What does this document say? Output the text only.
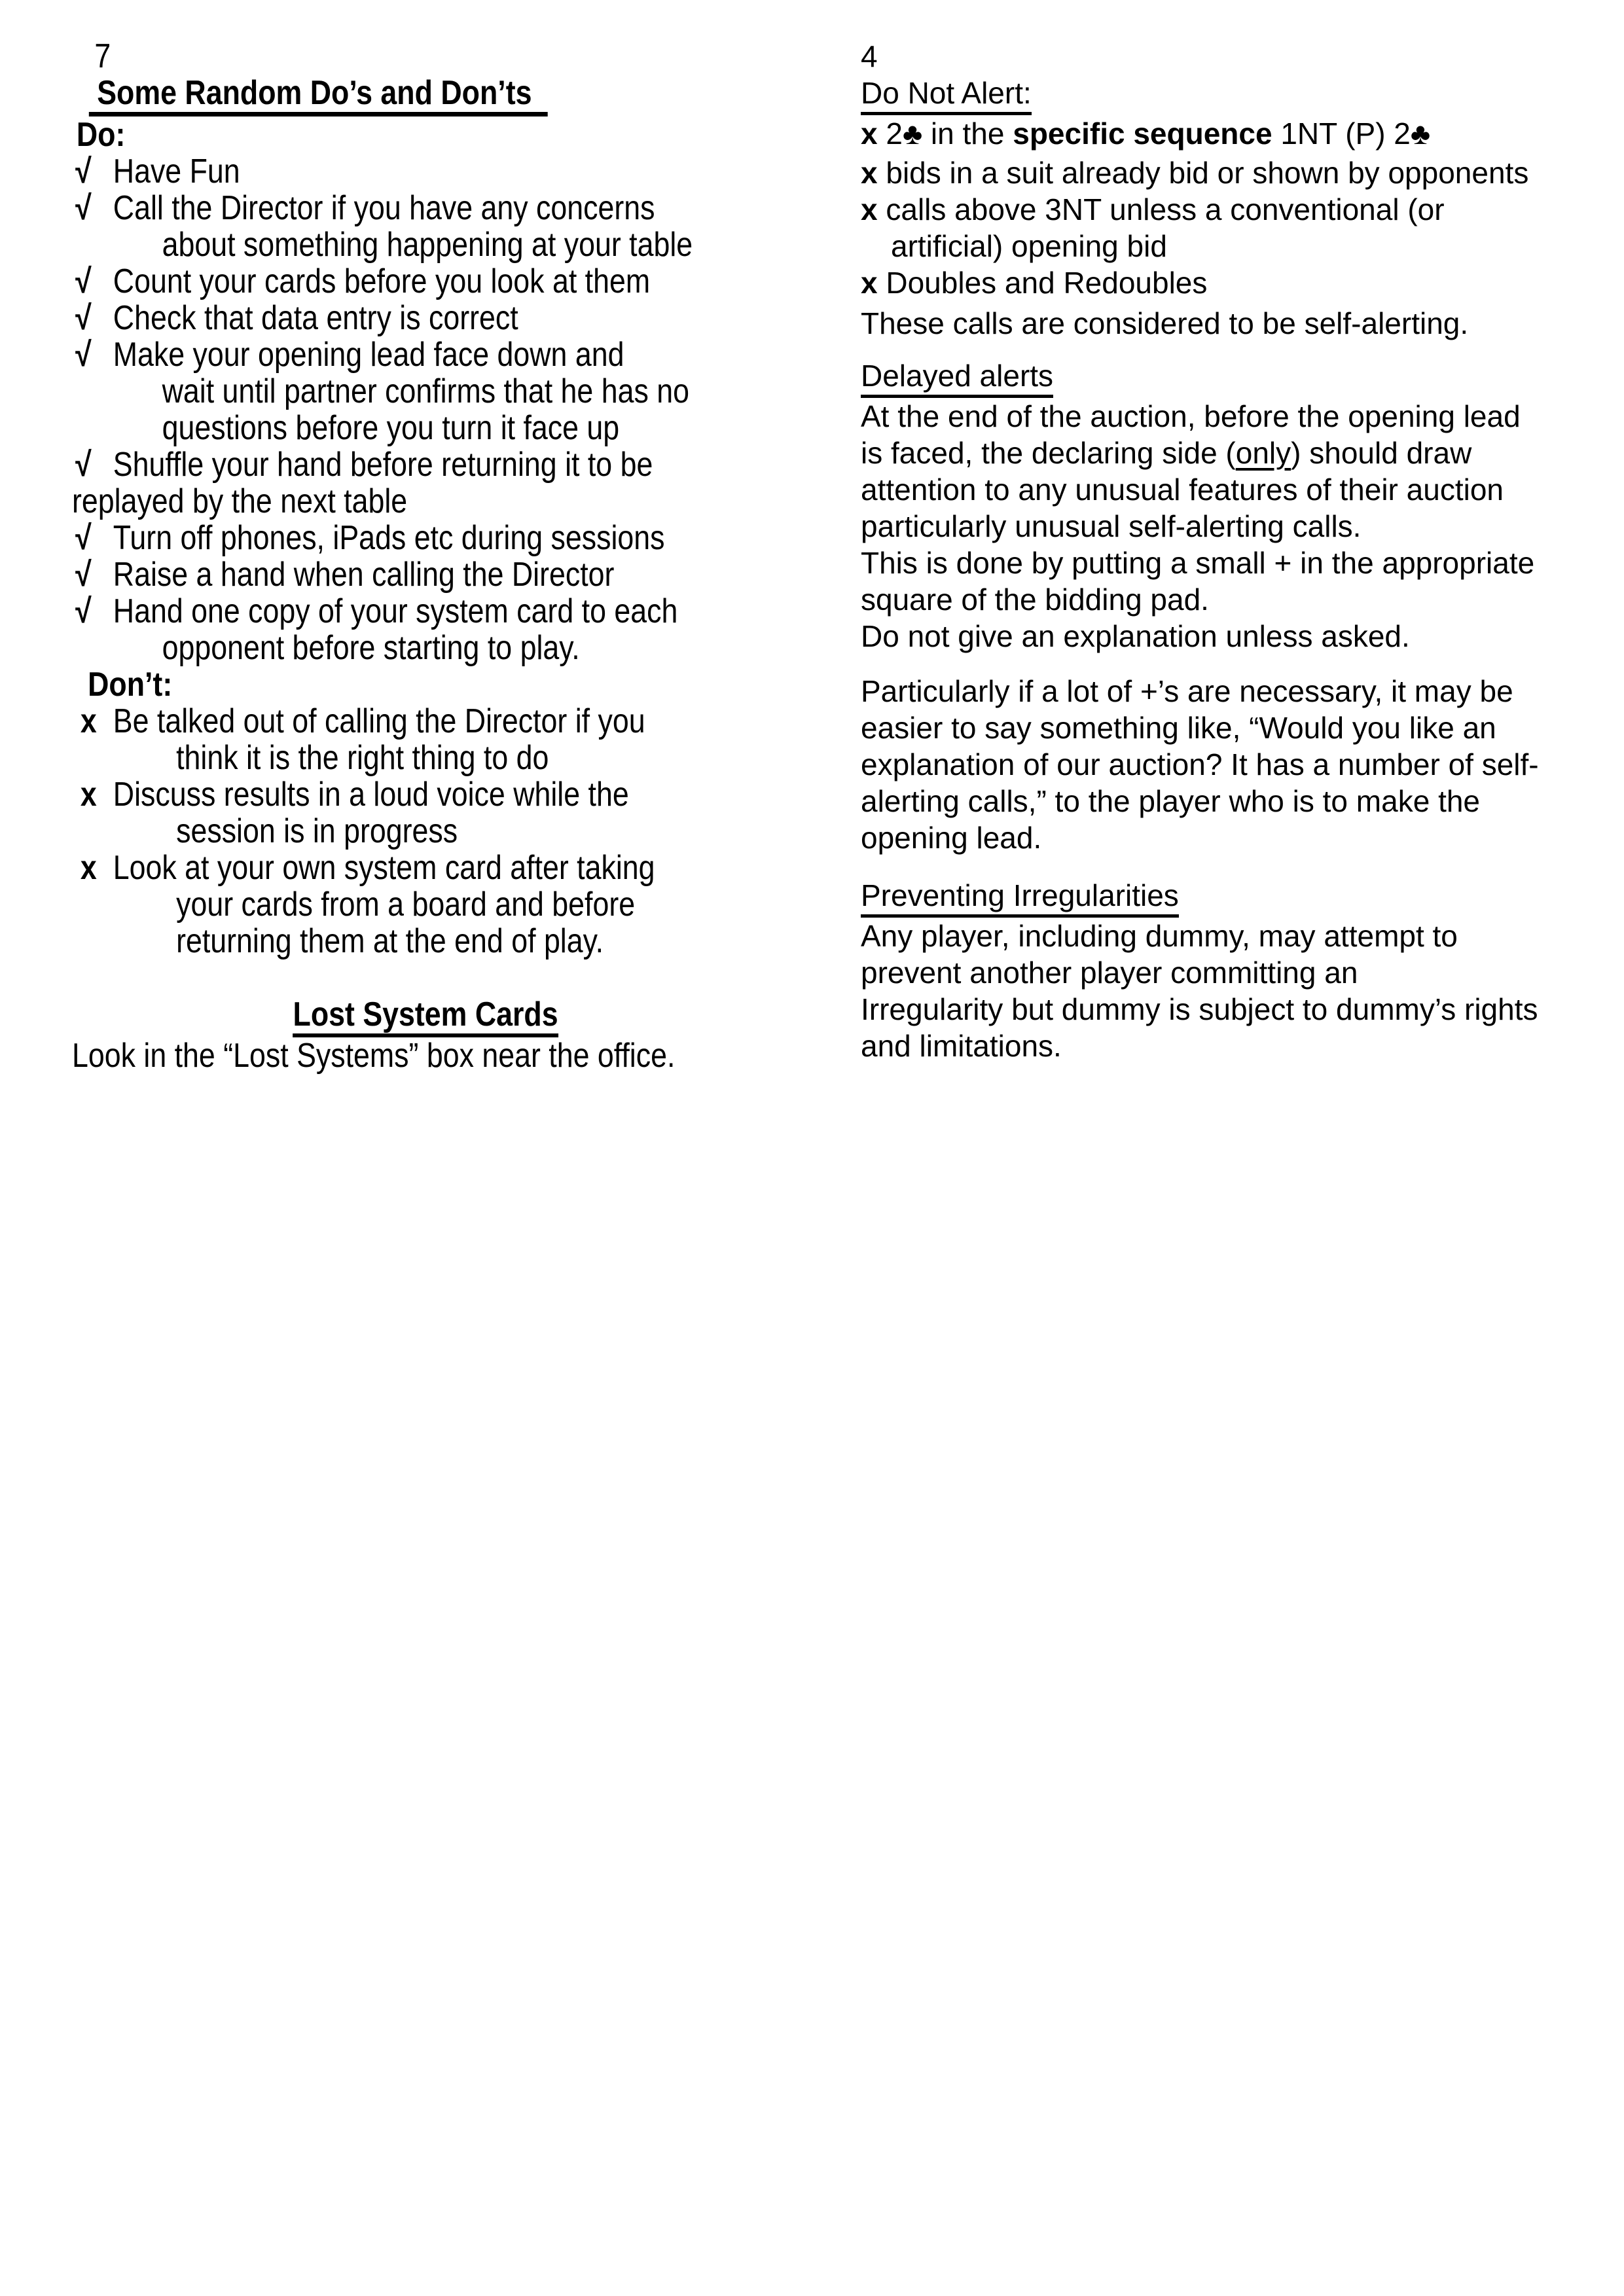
7
Some Random Do’s and Don’ts
Do:
√ Have Fun
√ Call the Director if you have any concerns
about something happening at your table
√ Count your cards before you look at them
√ Check that data entry is correct
√ Make your opening lead face down and
wait until partner confirms that he has no
questions before you turn it face up
√ Shuffle your hand before returning it to be
replayed by the next table
√ Turn off phones, iPads etc during sessions
√ Raise a hand when calling the Director
√ Hand one copy of your system card to each
opponent before starting to play.
Don’t:
x Be talked out of calling the Director if you
think it is the right thing to do
x Discuss results in a loud voice while the
session is in progress
x Look at your own system card after taking
your cards from a board and before
returning them at the end of play.
Lost System Cards
Look in the “Lost Systems” box near the office.
4
Do Not Alert:
x 2♣ in the specific sequence 1NT (P) 2♣
x bids in a suit already bid or shown by opponents
x calls above 3NT unless a conventional (or
artificial) opening bid
x Doubles and Redoubles
These calls are considered to be self-alerting.
Delayed alerts
At the end of the auction, before the opening lead
is faced, the declaring side (only) should draw
attention to any unusual features of their auction
particularly unusual self-alerting calls.
This is done by putting a small + in the appropriate
square of the bidding pad.
Do not give an explanation unless asked.
Particularly if a lot of +’s are necessary, it may be
easier to say something like, “Would you like an
explanation of our auction? It has a number of self-
alerting calls,” to the player who is to make the
opening lead.
Preventing Irregularities
Any player, including dummy, may attempt to
prevent another player committing an
Irregularity but dummy is subject to dummy’s rights
and limitations.
